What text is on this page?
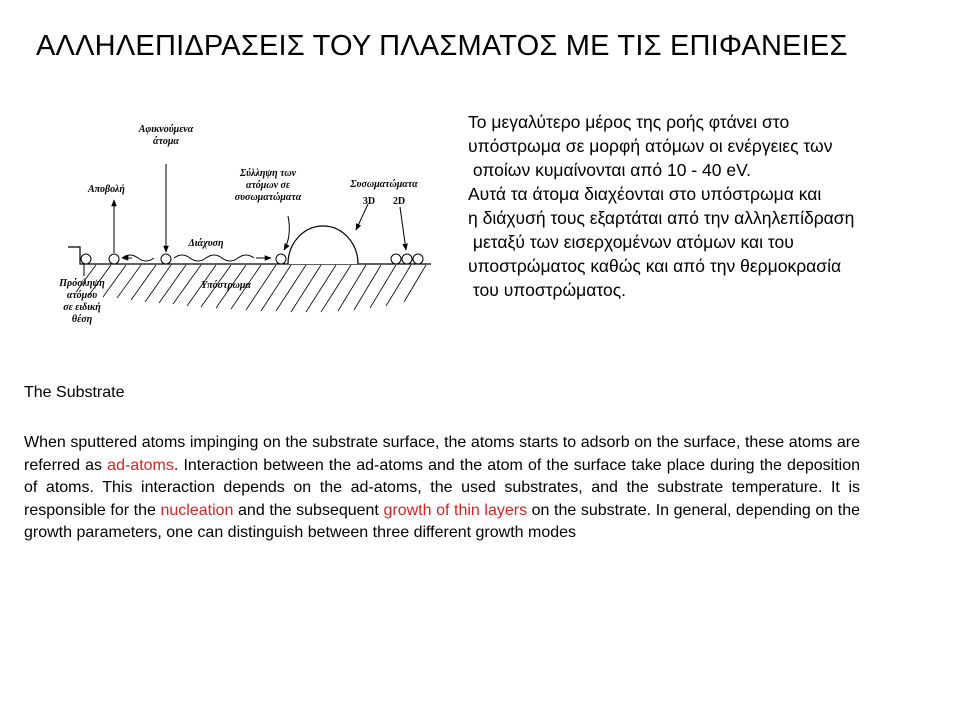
ΑΛΛΗΛΕΠΙΔΡΑΣΕΙΣ ΤΟΥ ΠΛΑΣΜΑΤΟΣ ΜΕ ΤΙΣ ΕΠΙΦΑΝΕΙΕΣ
Αφικνούμενα
άτομα
Αποβολή
Σύλληψη των
ατόμων σε
συσωματώματα
Συσωματώματα
3D 2D
Διάχυση
Υπόστρωμα
Πρόσληψη
ατόμου
σε ειδική
θέση
Το μεγαλύτερο μέρος της ροής φτάνει στο
υπόστρωμα σε μορφή ατόμων οι ενέργειες των
οποίων κυμαίνονται από 10 - 40 eV.
Αυτά τα άτομα διαχέονται στο υπόστρωμα και
η διάχυσή τους εξαρτάται από την αλληλεπίδραση
μεταξύ των εισερχομένων ατόμων και του
υποστρώματος καθώς και από την θερμοκρασία
του υποστρώματος.
The Substrate
When sputtered atoms impinging on the substrate surface, the atoms starts to adsorb on the surface, these atoms are referred as ad-atoms. Interaction between the ad-atoms and the atom of the surface take place during the deposition of atoms. This interaction depends on the ad-atoms, the used substrates, and the substrate temperature. It is responsible for the nucleation and the subsequent growth of thin layers on the substrate. In general, depending on the growth parameters, one can distinguish between three different growth modes
